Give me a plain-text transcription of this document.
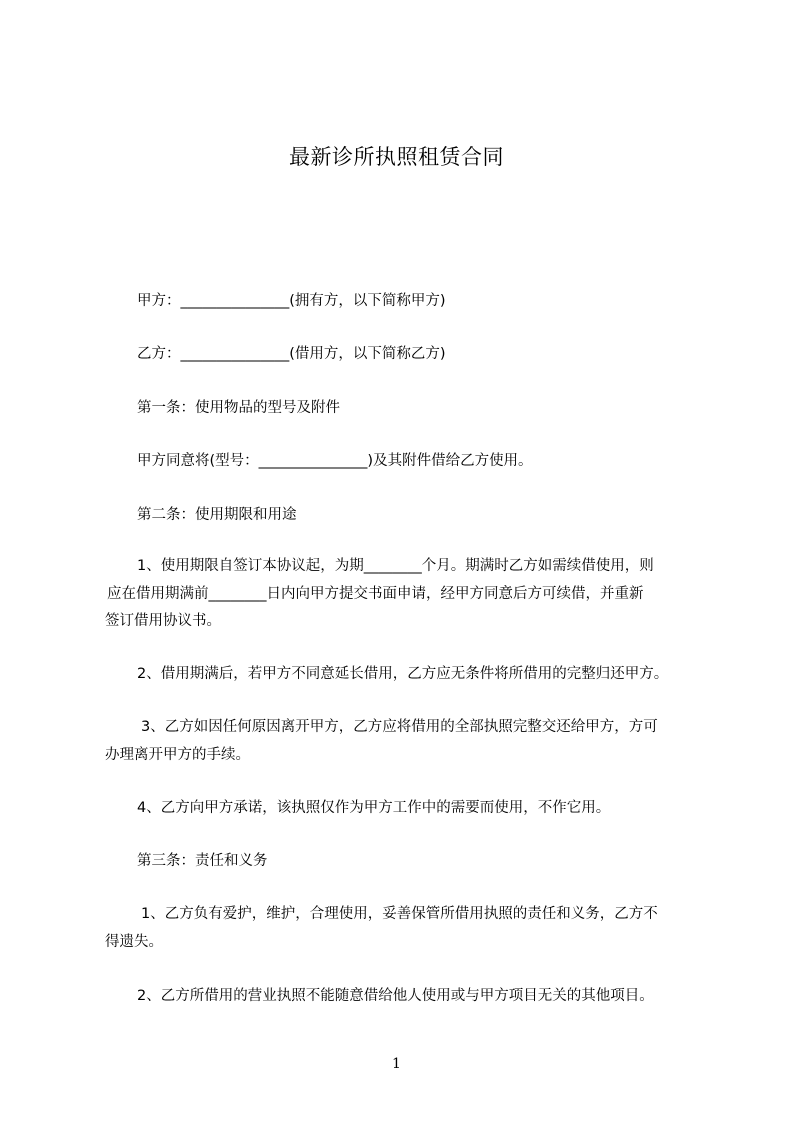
最新诊所执照租赁合同
甲方：_______________(拥有方，以下简称甲方)
乙方：_______________(借用方，以下简称乙方)
第一条：使用物品的型号及附件
甲方同意将(型号：_______________)及其附件借给乙方使用。
第二条：使用期限和用途
1、使用期限自签订本协议起，为期________个月。期满时乙方如需续借使用，则
应在借用期满前________日内向甲方提交书面申请，经甲方同意后方可续借，并重新
签订借用协议书。
2、借用期满后，若甲方不同意延长借用，乙方应无条件将所借用的完整归还甲方。
3、乙方如因任何原因离开甲方，乙方应将借用的全部执照完整交还给甲方，方可
办理离开甲方的手续。
4、乙方向甲方承诺，该执照仅作为甲方工作中的需要而使用，不作它用。
第三条：责任和义务
1、乙方负有爱护，维护，合理使用，妥善保管所借用执照的责任和义务，乙方不
得遗失。
2、乙方所借用的营业执照不能随意借给他人使用或与甲方项目无关的其他项目。
1
